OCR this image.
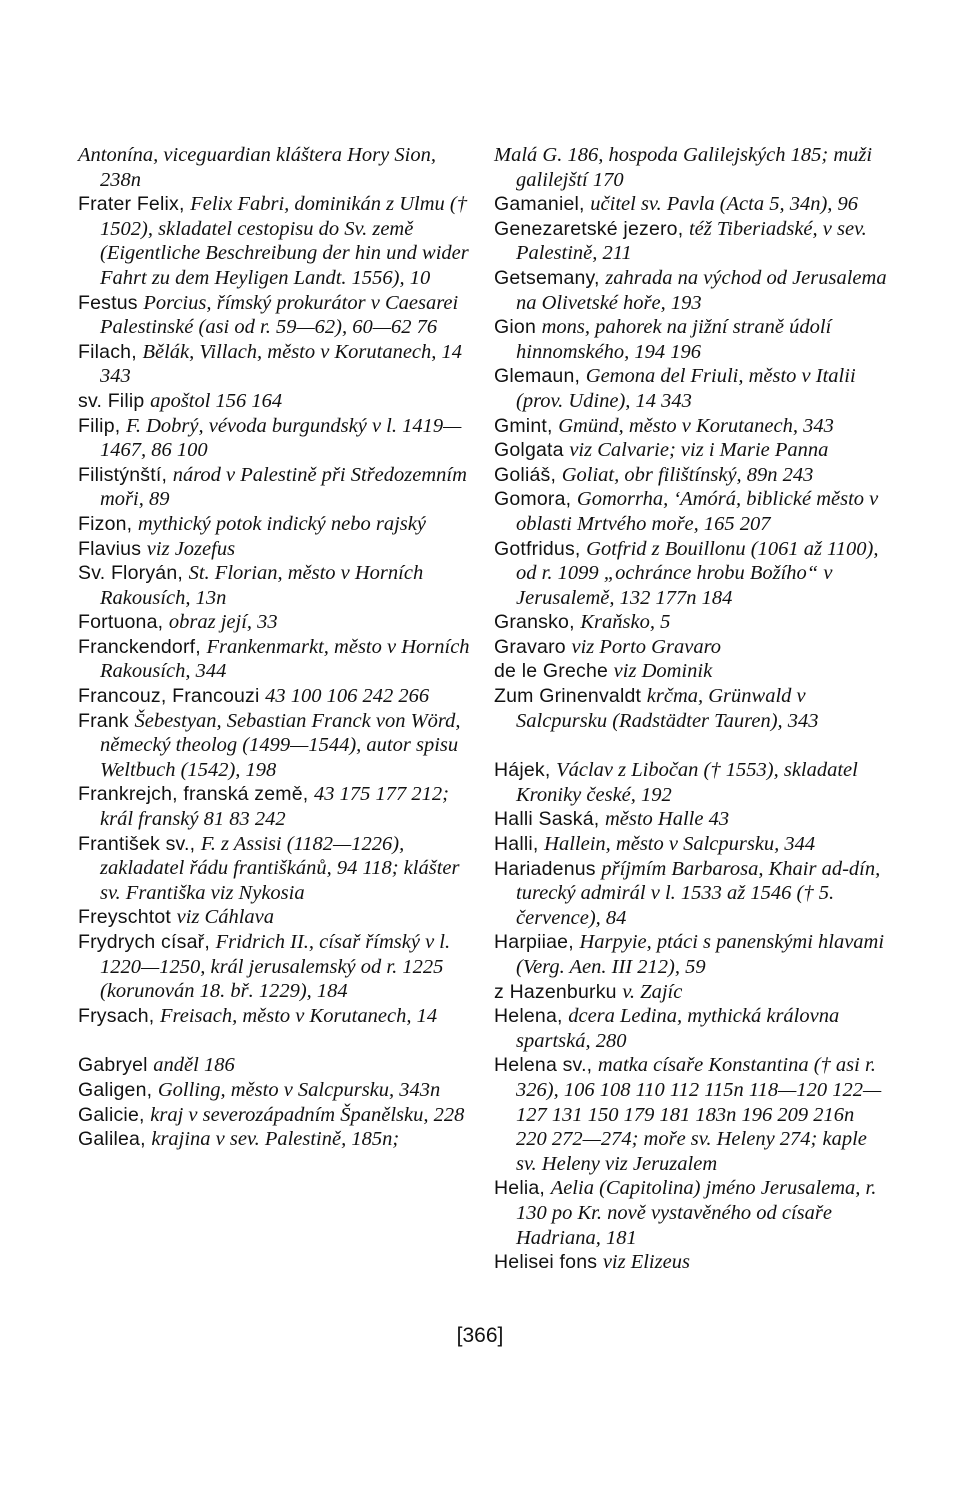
Antonína, viceguardian kláštera Hory Sion, 238n
Frater Felix, Felix Fabri, dominikán z Ulmu († 1502), skladatel cestopisu do Sv. země (Eigentliche Beschreibung der hin und wider Fahrt zu dem Heyligen Landt. 1556), 10
Festus Porcius, římský prokurátor v Caesarei Palestinské (asi od r. 59—62), 60—62 76
Filach, Bělák, Villach, město v Korutanech, 14 343
sv. Filip apoštol 156 164
Filip, F. Dobrý, vévoda burgundský v l. 1419—1467, 86 100
Filistýnští, národ v Palestině při Středozemním moři, 89
Fizon, mythický potok indický nebo rajský
Flavius viz Jozefus
Sv. Floryán, St. Florian, město v Horních Rakousích, 13n
Fortuona, obraz její, 33
Franckendorf, Frankenmarkt, město v Horních Rakousích, 344
Francouz, Francouzi 43 100 106 242 266
Frank Šebestyan, Sebastian Franck von Wörd, německý theolog (1499—1544), autor spisu Weltbuch (1542), 198
Frankrejch, franská země, 43 175 177 212; král franský 81 83 242
František sv., F. z Assisi (1182—1226), zakladatel řádu františkánů, 94 118; klášter sv. Františka viz Nykosia
Freyschtot viz Cáhlava
Frydrych císař, Fridrich II., císař římský v l. 1220—1250, král jerusalemský od r. 1225 (korunován 18. bř. 1229), 184
Frysach, Freisach, město v Korutanech, 14
Gabryel anděl 186
Galigen, Golling, město v Salcpursku, 343n
Galicie, kraj v severozápadním Španělsku, 228
Galilea, krajina v sev. Palestině, 185n;
Malá G. 186, hospoda Galilejských 185; muži galilejští 170
Gamaniel, učitel sv. Pavla (Acta 5, 34n), 96
Genezaretské jezero, též Tiberiadské, v sev. Palestině, 211
Getsemany, zahrada na východ od Jerusalema na Olivetské hoře, 193
Gion mons, pahorek na jižní straně údolí hinnomského, 194 196
Glemaun, Gemona del Friuli, město v Italii (prov. Udine), 14 343
Gmint, Gmünd, město v Korutanech, 343
Golgata viz Calvarie; viz i Marie Panna
Goliáš, Goliat, obr filištínský, 89n 243
Gomora, Gomorrha, ʻAmórá, biblické město v oblasti Mrtvého moře, 165 207
Gotfridus, Gotfrid z Bouillonu (1061 až 1100), od r. 1099 „ochránce hrobu Božího“ v Jerusalemě, 132 177n 184
Gransko, Kraňsko, 5
Gravaro viz Porto Gravaro
de le Greche viz Dominik
Zum Grinenvaldt krčma, Grünwald v Salcpursku (Radstädter Tauren), 343
Hájek, Václav z Libočan († 1553), skladatel Kroniky české, 192
Halli Saská, město Halle 43
Halli, Hallein, město v Salcpursku, 344
Hariadenus příjmím Barbarosa, Khair ad-dín, turecký admirál v l. 1533 až 1546 († 5. července), 84
Harpiiae, Harpyie, ptáci s panenskými hlavami (Verg. Aen. III 212), 59
z Hazenburku v. Zajíc
Helena, dcera Ledina, mythická královna spartská, 280
Helena sv., matka císaře Konstantina († asi r. 326), 106 108 110 112 115n 118—120 122—127 131 150 179 181 183n 196 209 216n 220 272—274; moře sv. Heleny 274; kaple sv. Heleny viz Jeruzalem
Helia, Aelia (Capitolina) jméno Jerusalema, r. 130 po Kr. nově vystavěného od císaře Hadriana, 181
Helisei fons viz Elizeus
[366]
